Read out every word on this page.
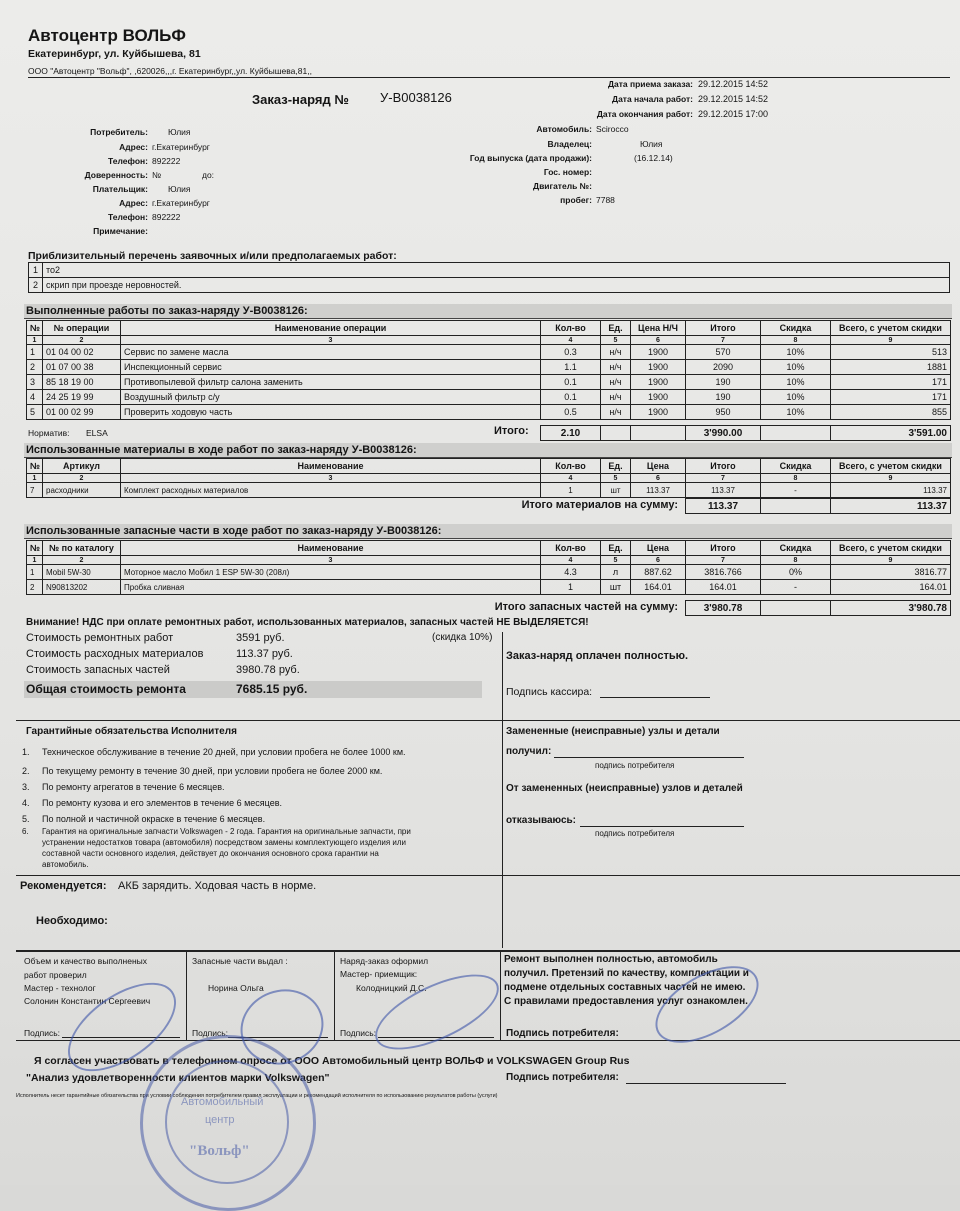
Автоцентр ВОЛЬФ
Екатеринбург, ул. Куйбышева, 81
ООО "Автоцентр "Вольф", ,620026,,,г. Екатеринбург,,ул. Куйбышева,81,,
Дата приема заказа: 29.12.2015 14:52
Дата начала работ: 29.12.2015 14:52
Дата окончания работ: 29.12.2015 17:00
Заказ-наряд № У-В0038126
Потребитель: Юлия
Адрес: г.Екатеринбург
Телефон: 892222
Доверенность: №	до:
Плательщик: Юлия
Адрес: г.Екатеринбург
Телефон: 892222
Примечание:
Автомобиль: Scirocco
Владелец:	Юлия
Год выпуска (дата продажи):	(16.12.14)
Гос. номер:
Двигатель №:
пробег: 7788
Приблизительный перечень заявочных и/или предполагаемых работ:
1	то2
2	скрип при проезде неровностей.
Выполненные работы по заказ-наряду У-В0038126:
№	№ операции	Наименование операции	Кол-во	Ед.	Цена Н/Ч	Итого	Скидка	Всего, с учетом скидки
1	2	3	4	5	6	7	8	9
1	01 04 00 02	Сервис по замене масла	0.3	н/ч	1900	570	10%	513
2	01 07 00 38	Инспекционный сервис	1.1	н/ч	1900	2090	10%	1881
3	85 18 19 00	Противопылевой фильтр салона заменить	0.1	н/ч	1900	190	10%	171
4	24 25 19 99	Воздушный фильтр с/у	0.1	н/ч	1900	190	10%	171
5	01 00 02 99	Проверить ходовую часть	0.5	н/ч	1900	950	10%	855
Норматив: ELSA	Итого:	2.10			3'990.00		3'591.00
Использованные материалы в ходе работ по заказ-наряду У-В0038126:
№	Артикул	Наименование	Кол-во	Ед.	Цена	Итого	Скидка	Всего, с учетом скидки
1	2	3	4	5	6	7	8	9
7	расходники	Комплект расходных материалов	1	шт	113.37	113.37	-	113.37
Итого материалов на сумму:	113.37		113.37
Использованные запасные части в ходе работ по заказ-наряду У-В0038126:
№	№ по каталогу	Наименование	Кол-во	Ед.	Цена	Итого	Скидка	Всего, с учетом скидки
1	2	3	4	5	6	7	8	9
1	Mobil 5W-30	Моторное масло Мобил 1 ESP 5W-30 (208л)	4.3	л	887.62	3816.766	0%	3816.77
2	N90813202	Пробка сливная	1	шт	164.01	164.01	-	164.01
Итого запасных частей на сумму:	3'980.78		3'980.78
Внимание! НДС при оплате ремонтных работ, использованных материалов, запасных частей НЕ ВЫДЕЛЯЕТСЯ!
Стоимость ремонтных работ	3591 руб.	(скидка 10%)
Стоимость расходных материалов	113.37 руб.
Стоимость запасных частей	3980.78 руб.
Общая стоимость ремонта	7685.15 руб.
Заказ-наряд оплачен полностью.
Подпись кассира:
Гарантийные обязательства Исполнителя
1. Техническое обслуживание в течение 20 дней, при условии пробега не более 1000 км.
2. По текущему ремонту в течение 30 дней, при условии пробега не более 2000 км.
3. По ремонту агрегатов в течение 6 месяцев.
4. По ремонту кузова и его элементов в течение 6 месяцев.
5. По полной и частичной окраске в течение 6 месяцев.
6. Гарантия на оригинальные запчасти Volkswagen - 2 года. Гарантия на оригинальные запчасти, при
устранении недостатков товара (автомобиля) посредством замены комплектующего изделия или
составной части основного изделия, действует до окончания основного срока гарантии на
автомобиль.
Замененные (неисправные) узлы и детали
получил:
подпись потребителя
От замененных (неисправные) узлов и деталей
отказываюсь:
подпись потребителя
Рекомендуется: АКБ зарядить. Ходовая часть в норме.
Необходимо:
Объем и качество выполненых
работ проверил
Мастер - технолог
Солонин Константин Сергеевич
Подпись:
Запасные части выдал :
Норина Ольга
Подпись:
Наряд-заказ оформил
Мастер- приемщик:
Колодницкий Д.С.
Подпись:
Ремонт выполнен полностью, автомобиль
получил. Претензий по качеству, комплектации и
подмене отдельных составных частей не имею.
С правилами предоставления услуг ознакомлен.
Подпись потребителя:
Я согласен участвовать в телефонном опросе от ООО Автомобильный центр ВОЛЬФ и VOLKSWAGEN Group Rus
"Анализ удовлетворенности клиентов марки Volkswagen"	Подпись потребителя:
Исполнитель несет гарантийные обязательства при условии соблюдения потребителем правил эксплуатации и рекомендаций исполнителя по использованию результатов работы (услуги)
Автомобильный
центр
"Вольф"
